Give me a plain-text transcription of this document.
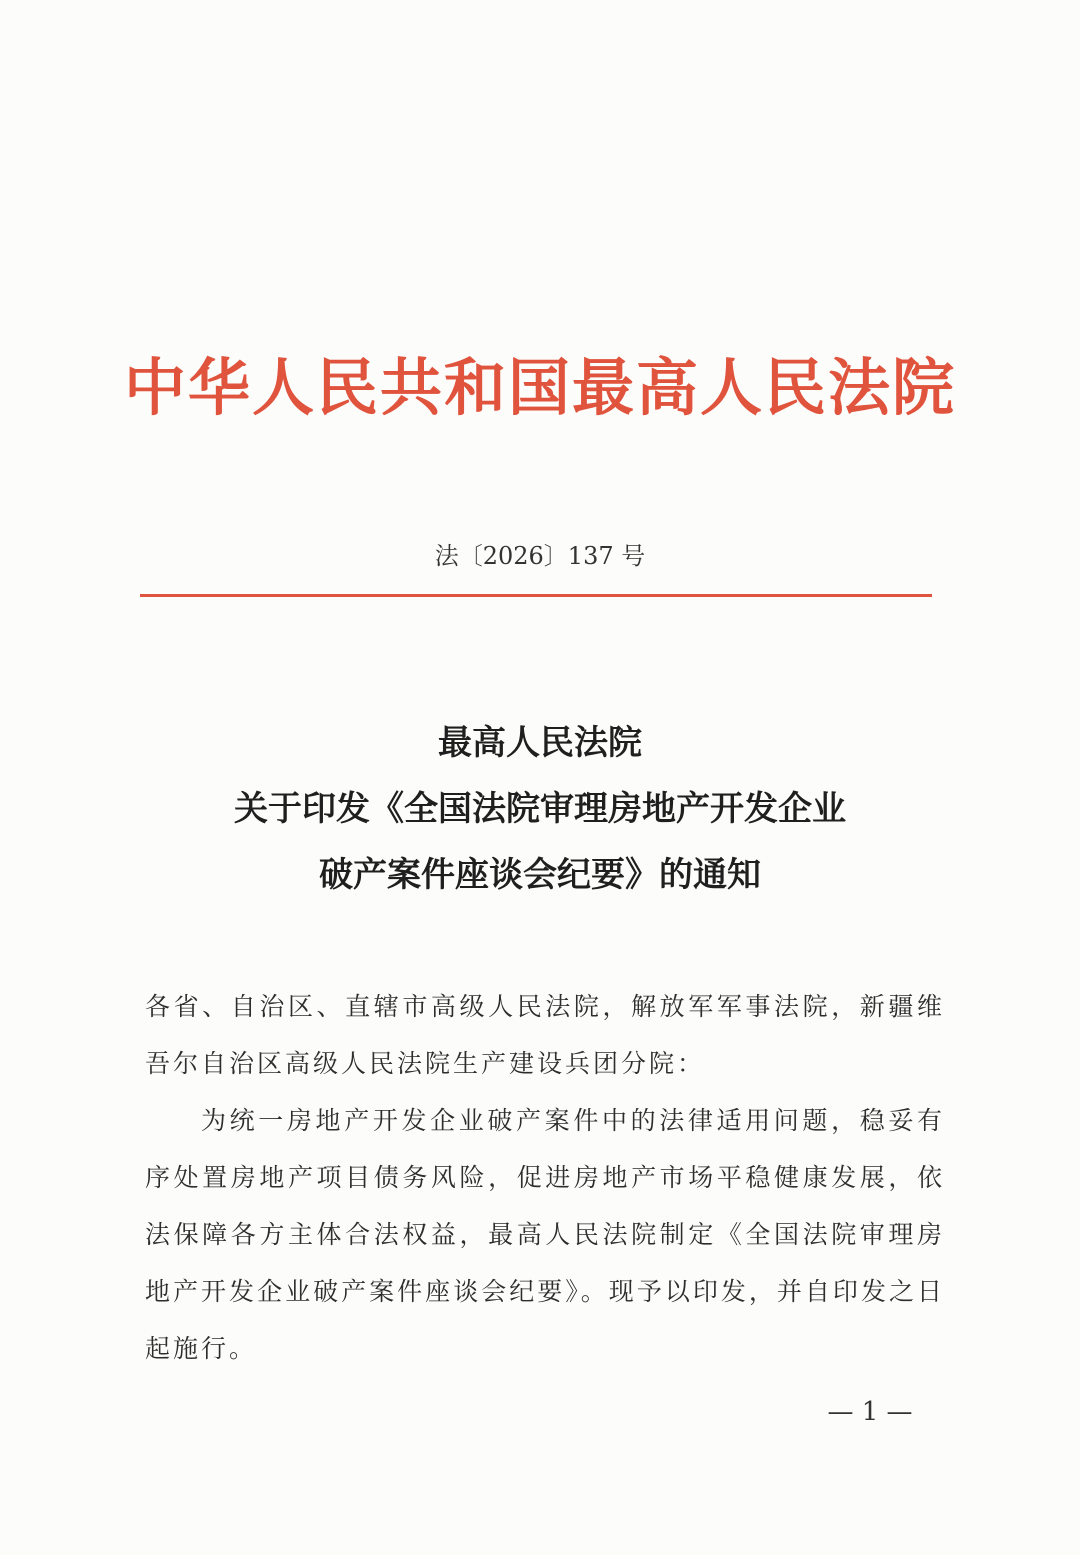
中华人民共和国最高人民法院
法〔2026〕137 号
最高人民法院
关于印发《全国法院审理房地产开发企业
破产案件座谈会纪要》的通知

各省、自治区、直辖市高级人民法院，解放军军事法院，新疆维吾尔自治区高级人民法院生产建设兵团分院：

为统一房地产开发企业破产案件中的法律适用问题，稳妥有序处置房地产项目债务风险，促进房地产市场平稳健康发展，依法保障各方主体合法权益，最高人民法院制定《全国法院审理房地产开发企业破产案件座谈会纪要》。现予以印发，并自印发之日起施行。

— 1 —
